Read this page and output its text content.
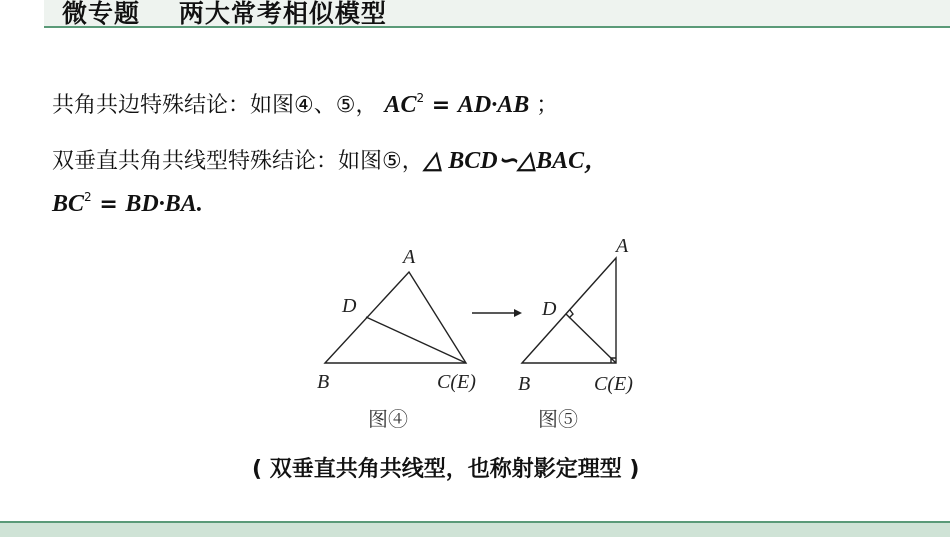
微专题    两大常考相似模型
共角共边特殊结论：如图④、⑤， $AC^2 = AD\cdot AB$ ；
双垂直共角共线型特殊结论：如图⑤，△ BCD∽△BAC，
$BC^2 = BD\cdot BA$.
A
D
B	C(E)
图④
A
D
B	C(E)
图⑤
( 双垂直共角共线型，也称射影定理型 )
